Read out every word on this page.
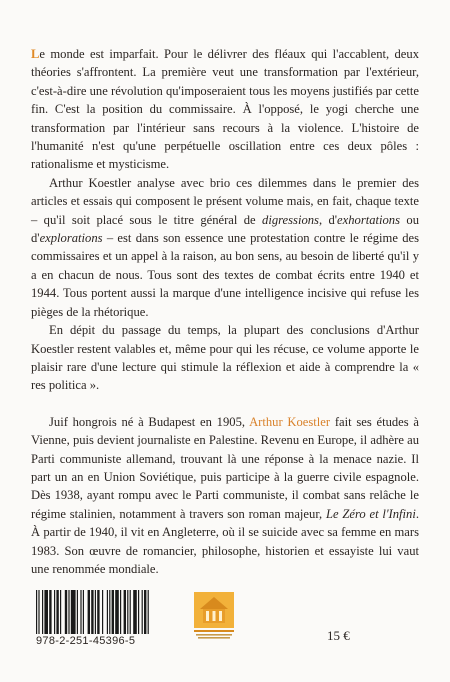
Le monde est imparfait. Pour le délivrer des fléaux qui l'accablent, deux théories s'affrontent. La première veut une transformation par l'extérieur, c'est-à-dire une révolution qu'imposeraient tous les moyens justifiés par cette fin. C'est la position du commissaire. À l'opposé, le yogi cherche une transformation par l'intérieur sans recours à la violence. L'histoire de l'humanité n'est qu'une perpétuelle oscillation entre ces deux pôles : rationalisme et mysticisme.

Arthur Koestler analyse avec brio ces dilemmes dans le premier des articles et essais qui composent le présent volume mais, en fait, chaque texte – qu'il soit placé sous le titre général de digressions, d'exhortations ou d'explorations – est dans son essence une protestation contre le régime des commissaires et un appel à la raison, au bon sens, au besoin de liberté qu'il y a en chacun de nous. Tous sont des textes de combat écrits entre 1940 et 1944. Tous portent aussi la marque d'une intelligence incisive qui refuse les pièges de la rhétorique.

En dépit du passage du temps, la plupart des conclusions d'Arthur Koestler restent valables et, même pour qui les récuse, ce volume apporte le plaisir rare d'une lecture qui stimule la réflexion et aide à comprendre la « res politica ».

Juif hongrois né à Budapest en 1905, Arthur Koestler fait ses études à Vienne, puis devient journaliste en Palestine. Revenu en Europe, il adhère au Parti communiste allemand, trouvant là une réponse à la menace nazie. Il part un an en Union Soviétique, puis participe à la guerre civile espagnole. Dès 1938, ayant rompu avec le Parti communiste, il combat sans relâche le régime stalinien, notamment à travers son roman majeur, Le Zéro et l'Infini. À partir de 1940, il vit en Angleterre, où il se suicide avec sa femme en mars 1983. Son œuvre de romancier, philosophe, historien et essayiste lui vaut une renommée mondiale.

978-2-251-45396-5	15 €
